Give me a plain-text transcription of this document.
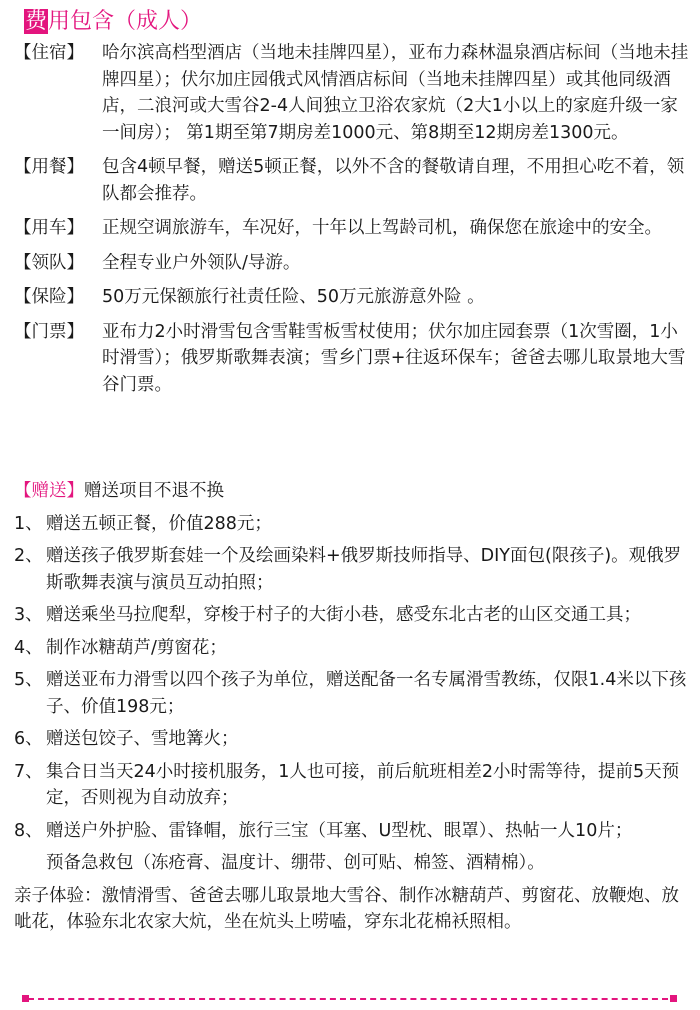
费用包含（成人）
【住宿】 哈尔滨高档型酒店（当地未挂牌四星），亚布力森林温泉酒店标间（当地未挂牌四星）；伏尔加庄园俄式风情酒店标间（当地未挂牌四星）或其他同级酒店，二浪河或大雪谷2-4人间独立卫浴农家炕（2大1小以上的家庭升级一家一间房）； 第1期至第7期房差1000元、第8期至12期房差1300元。
【用餐】 包含4顿早餐，赠送5顿正餐，以外不含的餐敬请自理，不用担心吃不着，领队都会推荐。
【用车】 正规空调旅游车，车况好，十年以上驾龄司机，确保您在旅途中的安全。
【领队】 全程专业户外领队/导游。
【保险】 50万元保额旅行社责任险、50万元旅游意外险 。
【门票】 亚布力2小时滑雪包含雪鞋雪板雪杖使用；伏尔加庄园套票（1次雪圈，1小时滑雪）；俄罗斯歌舞表演；雪乡门票+往返环保车；爸爸去哪儿取景地大雪谷门票。
【赠送】赠送项目不退不换
1、 赠送五顿正餐，价值288元；
2、 赠送孩子俄罗斯套娃一个及绘画染料+俄罗斯技师指导、DIY面包(限孩子)。观俄罗斯歌舞表演与演员互动拍照；
3、 赠送乘坐马拉爬犁，穿梭于村子的大街小巷，感受东北古老的山区交通工具；
4、 制作冰糖葫芦/剪窗花；
5、 赠送亚布力滑雪以四个孩子为单位，赠送配备一名专属滑雪教练，仅限1.4米以下孩子、价值198元；
6、 赠送包饺子、雪地篝火；
7、 集合日当天24小时接机服务，1人也可接，前后航班相差2小时需等待，提前5天预定，否则视为自动放弃；
8、 赠送户外护脸、雷锋帽，旅行三宝（耳塞、U型枕、眼罩）、热帖一人10片；
预备急救包（冻疮膏、温度计、绷带、创可贴、棉签、酒精棉）。
亲子体验：激情滑雪、爸爸去哪儿取景地大雪谷、制作冰糖葫芦、剪窗花、放鞭炮、放呲花，体验东北农家大炕，坐在炕头上唠嗑，穿东北花棉袄照相。
